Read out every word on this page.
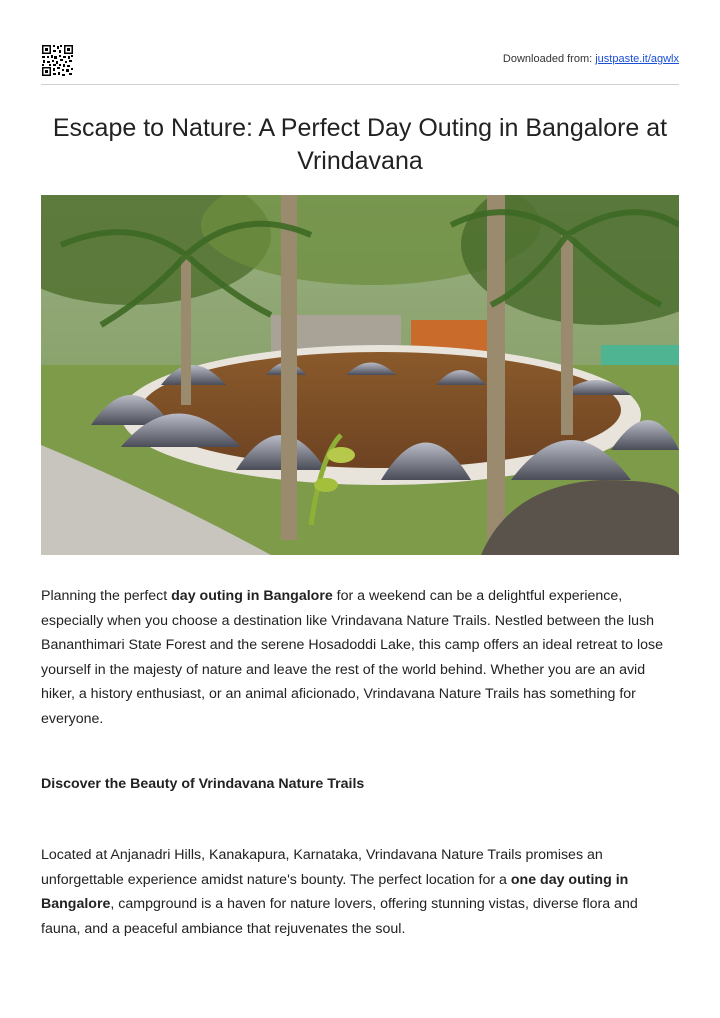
Downloaded from: justpaste.it/agwlx
Escape to Nature: A Perfect Day Outing in Bangalore at Vrindavana

Planning the perfect day outing in Bangalore for a weekend can be a delightful experience, especially when you choose a destination like Vrindavana Nature Trails. Nestled between the lush Bananthimari State Forest and the serene Hosadoddi Lake, this camp offers an ideal retreat to lose yourself in the majesty of nature and leave the rest of the world behind. Whether you are an avid hiker, a history enthusiast, or an animal aficionado, Vrindavana Nature Trails has something for everyone.

Discover the Beauty of Vrindavana Nature Trails

Located at Anjanadri Hills, Kanakapura, Karnataka, Vrindavana Nature Trails promises an unforgettable experience amidst nature's bounty. The perfect location for a one day outing in Bangalore, campground is a haven for nature lovers, offering stunning vistas, diverse flora and fauna, and a peaceful ambiance that rejuvenates the soul.
